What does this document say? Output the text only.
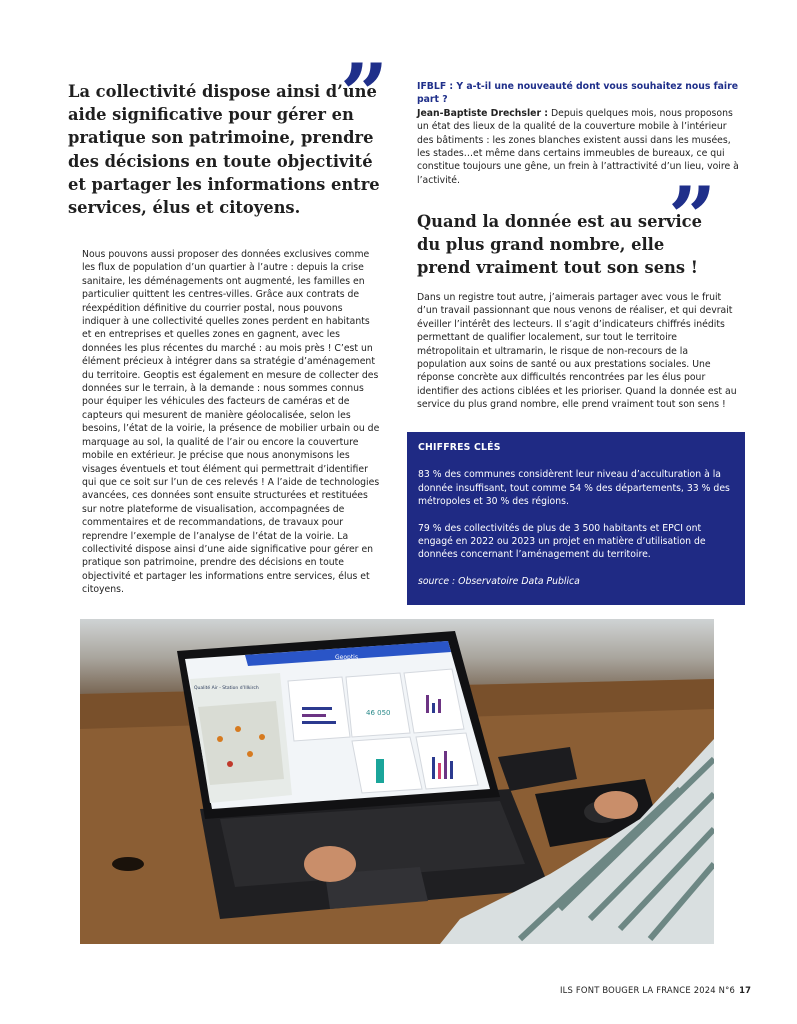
La collectivité dispose ainsi d’une aide significative pour gérer en pratique son patrimoine, prendre des décisions en toute objectivité et partager les informations entre services, élus et citoyens.
”	IFBLF : Y a-t-il une nouveauté dont vous souhaitez nous faire part ?
Jean-Baptiste Drechsler : Depuis quelques mois, nous proposons un état des lieux de la qualité de la couverture mobile à l’intérieur des bâtiments : les zones blanches existent aussi dans les musées, les stades…et même dans certains immeubles de bureaux, ce qui constitue toujours une gêne, un frein à l’attractivité d’un lieu, voire à l’activité.
Quand la donnée est au service du plus grand nombre, elle prend vraiment tout son sens !
”
Nous pouvons aussi proposer des données exclusives comme les flux de population d’un quartier à l’autre : depuis la crise sanitaire, les déménagements ont augmenté, les familles en particulier quittent les centres-villes. Grâce aux contrats de réexpédition définitive du courrier postal, nous pouvons indiquer à une collectivité quelles zones perdent en habitants et en entreprises et quelles zones en gagnent, avec les données les plus récentes du marché : au mois près ! C’est un élément précieux à intégrer dans sa stratégie d’aménagement du territoire. Geoptis est également en mesure de collecter des données sur le terrain, à la demande : nous sommes connus pour équiper les véhicules des facteurs de caméras et de capteurs qui mesurent de manière géolocalisée, selon les besoins, l’état de la voirie, la présence de mobilier urbain ou de marquage au sol, la qualité de l’air ou encore la couverture mobile en extérieur. Je précise que nous anonymisons les visages éventuels et tout élément qui permettrait d’identifier qui que ce soit sur l’un de ces relevés ! A l’aide de technologies avancées, ces données sont ensuite structurées et restituées sur notre plateforme de visualisation, accompagnées de commentaires et de recommandations, de travaux pour reprendre l’exemple de l’analyse de l’état de la voirie. La collectivité dispose ainsi d’une aide significative pour gérer en pratique son patrimoine, prendre des décisions en toute objectivité et partager les informations entre services, élus et citoyens.
Dans un registre tout autre, j’aimerais partager avec vous le fruit d’un travail passionnant que nous venons de réaliser, et qui devrait éveiller l’intérêt des lecteurs. Il s’agit d’indicateurs chiffrés inédits permettant de qualifier localement, sur tout le territoire métropolitain et ultramarin, le risque de non-recours de la population aux soins de santé ou aux prestations sociales. Une réponse concrète aux difficultés rencontrées par les élus pour identifier des actions ciblées et les prioriser. Quand la donnée est au service du plus grand nombre, elle prend vraiment tout son sens !
CHIFFRES CLÉS

83 % des communes considèrent leur niveau d’acculturation à la donnée insuffisant, tout comme 54 % des départements, 33 % des métropoles et 30 % des régions.

79 % des collectivités de plus de 3 500 habitants et EPCI ont engagé en 2022 ou 2023 un projet en matière d’utilisation de données concernant l’aménagement du territoire.

source : Observatoire Data Publica

46 050
Geoptis
Qualité Air - Station d’Illkirch
ILS FONT BOUGER LA FRANCE 2024 N°6 17
